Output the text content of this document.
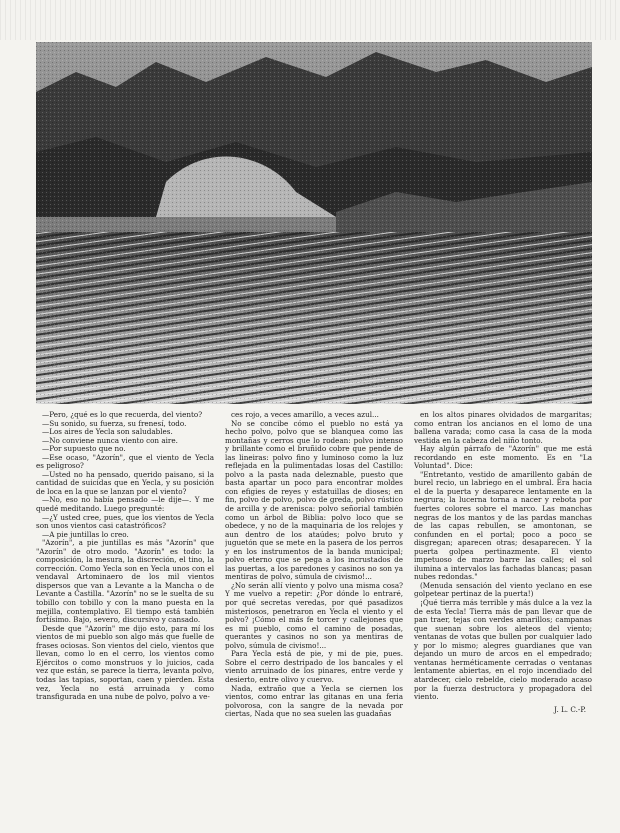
—Pero, ¿qué es lo que recuerda, del viento?

—Su sonido, su fuerza, su frenesí, todo.

—Los aires de Yecla son saludables.

—No conviene nunca viento con aire.

—Por supuesto que no.

—Ese ocaso, "Azorín", que el viento de Yecla es peligroso?

—Usted no ha pensado, querido paisano, si la cantidad de suicidas que en Yecla, y su posición de loca en la que se lanzan por el viento?

—No, eso no había pensado —le dije—. Y me quedé meditando. Luego pregunté:

—¿Y usted cree, pues, que los vientos de Yecla son unos vientos casi catastróficos?

—A pie juntillas lo creo.

"Azorín", a pie juntillas es más "Azorín" que "Azorín" de otro modo. "Azorín" es todo: la composición, la mesura, la discreción, el tino, la corrección. Como Yecla son en Yecla unos con el vendaval Artominaero de los mil vientos dispersos que van a Levante a la Mancha o de Levante a Castilla. "Azorín" no se le suelta de su tobillo con tobillo y con la mano puesta en la mejilla, contemplativo. El tiempo está también fortísimo. Bajo, severo, discursivo y cansado.

Desde que "Azorín" me dijo esto, para mí los vientos de mi pueblo son algo más que fuelle de frases ociosas. Son vientos del cielo, vientos que llevan, como lo en el cerro, los vientos como Ejércitos o como monstruos y lo juicios, cada vez que están, se parece la tierra, levanta polvo, todas las tapias, soportan, caen y pierden. Esta vez, Yecla no está arruinada y como transfigurada en una nube de polvo, polvo a ve-

ces rojo, a veces amarillo, a veces azul...

No se concibe cómo el pueblo no está ya hecho polvo, polvo que se blanquea como las montañas y cerros que lo rodean: polvo intenso y brillante como el bruñido cobre que pende de las lineiras: polvo fino y luminoso como la luz reflejada en la pulimentadas losas del Castillo: polvo a la pasta nada deleznable, puesto que basta apartar un poco para encontrar moldes con efigies de reyes y estatuillas de dioses; en fin, polvo de polvo, polvo de greda, polvo rústico de arcilla y de arenisca: polvo señorial también como un árbol de Biblia: polvo loco que se obedece, y no de la maquinaria de los relojes y aun dentro de los ataúdes; polvo bruto y juguetón que se mete en la pasera de los perros y en los instrumentos de la banda municipal; polvo eterno que se pega a los incrustados de las puertas, a los paredones y casinos no son ya mentiras de polvo, súmula de civismo!...

¿No serán allí viento y polvo una misma cosa? Y me vuelvo a repetir: ¿Por dónde lo entraré, por qué secretas veredas, por qué pasadizos misteriosos, penetraron en Yecla el viento y el polvo? ¡Cómo el más fe torcer y callejones que es mi pueblo, como el camino de posadas, querantes y casinos no son ya mentiras de polvo, súmula de civismo!...

Para Yecla está de pie, y mi de pie, pues. Sobre el cerro destripado de los bancales y el viento arruinado de los pinares, entre verde y desierto, entre olivo y cuervo.

Nada, extraño que a Yecla se ciernen los vientos, como entrar las gitanas en una feria polvorosa, con la sangre de la nevada por ciertas, Nada que no sea suelen las guadañas

en los altos pinares olvidados de margaritas; como entran los ancianos en el lomo de una ballena varada; como casa la casa de la moda vestida en la cabeza del niño tonto.

Hay algún párrafo de "Azorín" que me está recordando en este momento. Es en "La Voluntad". Dice:

"Entretanto, vestido de amarillento gabán de burel recio, un labriego en el umbral. Era hacia el de la puerta y desaparece lentamente en la negrura; la lucerna torna a nacer y rebota por fuertes colores sobre el marco. Las manchas negras de los mantos y de las pardas manchas de las capas rebullen, se amontonan, se confunden en el portal; poco a poco se disgregan; aparecen otras; desaparecen. Y la puerta golpea pertinazmente. El viento impetuoso de marzo barre las calles; el sol ilumina a intervalos las fachadas blancas; pasan nubes redondas."

(Menuda sensación del viento yeclano en ese golpetear pertinaz de la puerta!)

¡Qué tierra más terrible y más dulce a la vez la de esta Yecla! Tierra más de pan llevar que de pan traer, tejas con verdes amarillos; campanas que suenan sobre los aleteos del viento; ventanas de votas que bullen por cualquier lado y por lo mismo; alegres guardianes que van dejando un muro de arcos en el empedrado; ventanas herméticamente cerradas o ventanas lentamente abiertas, en el rojo incendiado del atardecer, cielo rebelde, cielo moderado acaso por la fuerza destructora y propagadora del viento.

J. L. C.-P.
